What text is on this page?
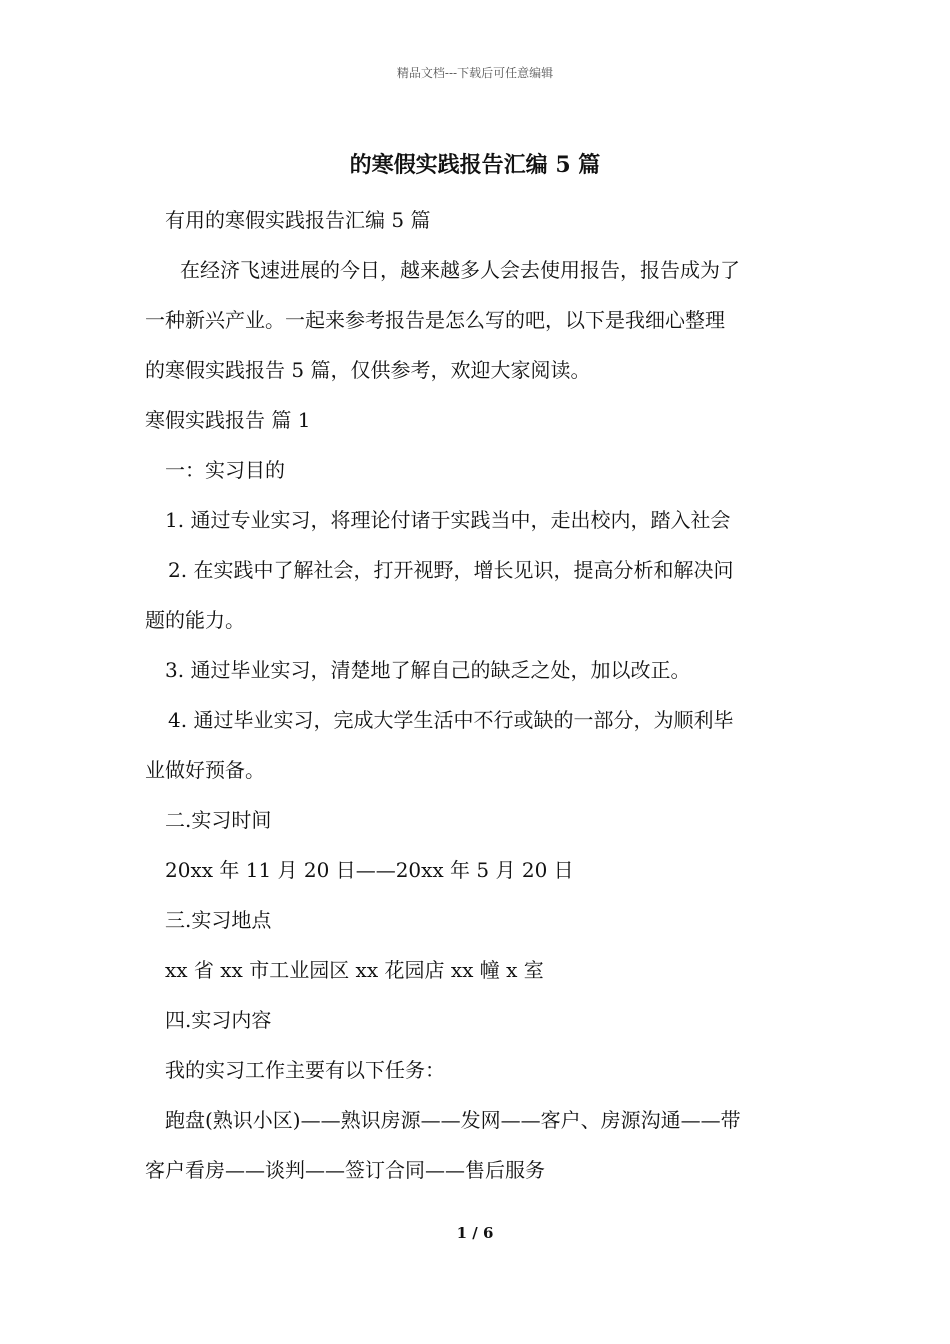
精品文档---下载后可任意编辑
的寒假实践报告汇编 5 篇
有用的寒假实践报告汇编 5 篇
在经济飞速进展的今日，越来越多人会去使用报告，报告成为了
一种新兴产业。一起来参考报告是怎么写的吧，以下是我细心整理
的寒假实践报告 5 篇，仅供参考，欢迎大家阅读。
寒假实践报告 篇 1
一：实习目的
1. 通过专业实习，将理论付诸于实践当中，走出校内，踏入社会
2. 在实践中了解社会，打开视野，增长见识，提高分析和解决问
题的能力。
3. 通过毕业实习，清楚地了解自己的缺乏之处，加以改正。
4. 通过毕业实习，完成大学生活中不行或缺的一部分，为顺利毕
业做好预备。
二.实习时间
20xx 年 11 月 20 日——20xx 年 5 月 20 日
三.实习地点
xx 省 xx 市工业园区 xx 花园店 xx 幢 x 室
四.实习内容
我的实习工作主要有以下任务：
跑盘(熟识小区)——熟识房源——发网——客户、房源沟通——带
客户看房——谈判——签订合同——售后服务
1 / 6
